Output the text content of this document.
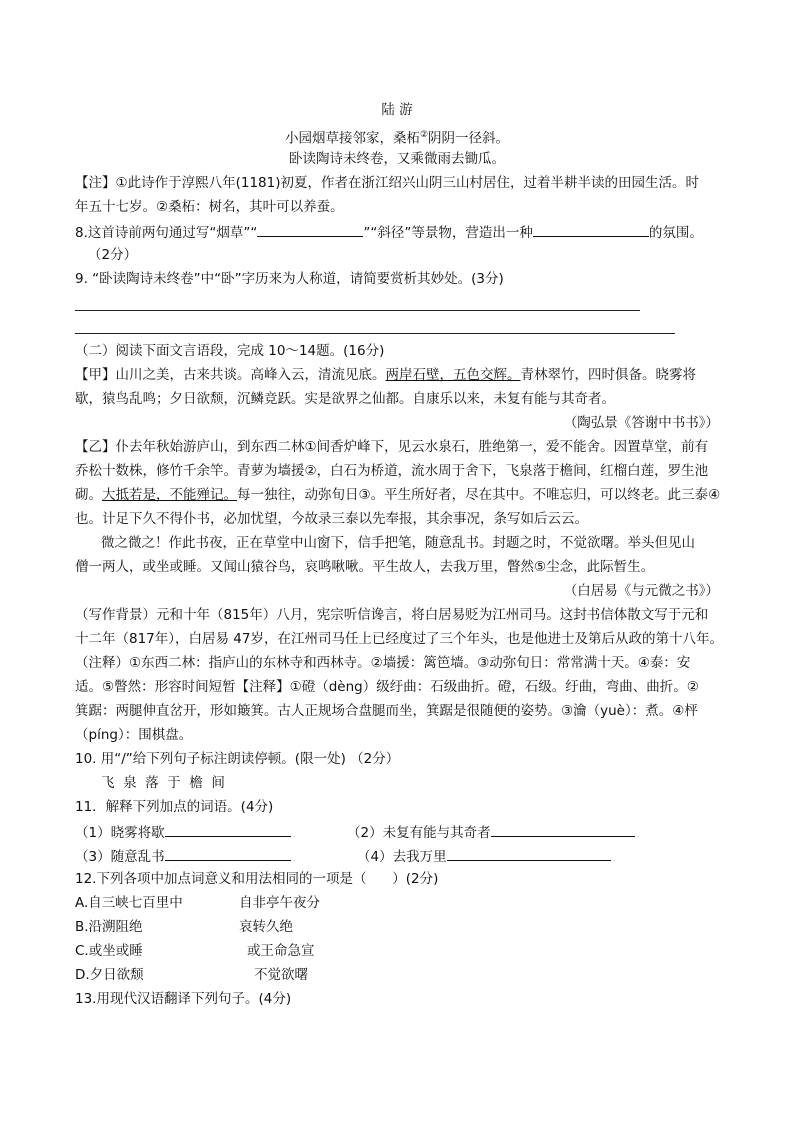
陆 游
小园烟草接邻家，桑柘②阴阴一径斜。
卧读陶诗未终卷，又乘微雨去锄瓜。
【注】①此诗作于淳熙八年(1181)初夏，作者在浙江绍兴山阴三山村居住，过着半耕半读的田园生活。时
年五十七岁。②桑柘：树名，其叶可以养蚕。
8.这首诗前两句通过写“烟草”“	”“斜径”等景物，营造出一种	的氛围。
（2分）
9. “卧读陶诗未终卷”中“卧”字历来为人称道，请简要赏析其妙处。(3分)
（二）阅读下面文言语段，完成 10～14题。(16分)
【甲】山川之美，古来共谈。高峰入云，清流见底。两岸石壁，五色交辉。青林翠竹，四时俱备。晓雾将
歇，猿鸟乱鸣；夕日欲颓，沉鳞竞跃。实是欲界之仙都。自康乐以来，未复有能与其奇者。
（陶弘景《答谢中书书》）
【乙】仆去年秋始游庐山，到东西二林①间香炉峰下，见云水泉石，胜绝第一，爱不能舍。因置草堂，前有
乔松十数株，修竹千余竿。青萝为墙援②，白石为桥道，流水周于舍下，飞泉落于檐间，红榴白莲，罗生池
砌。大抵若是，不能殚记。每一独往，动弥旬日③。平生所好者，尽在其中。不唯忘归，可以终老。此三泰④
也。计足下久不得仆书，必加忧望，今故录三泰以先奉报，其余事况，条写如后云云。
微之微之！作此书夜，正在草堂中山窗下，信手把笔，随意乱书。封题之时，不觉欲曙。举头但见山
僧一两人，或坐或睡。又闻山猿谷鸟，哀鸣啾啾。平生故人，去我万里，瞥然⑤尘念，此际暂生。
（白居易《与元微之书》）
（写作背景）元和十年（815年）八月，宪宗听信谗言，将白居易贬为江州司马。这封书信体散文写于元和
十二年（817年），白居易 47岁，在江州司马任上已经度过了三个年头，也是他进士及第后从政的第十八年。
（注释）①东西二林：指庐山的东林寺和西林寺。②墙援：篱笆墙。③动弥旬日：常常满十天。④泰：安
适。⑤瞥然：形容时间短暂【注释】①磴（dèng）级纡曲：石级曲折。磴，石级。纡曲，弯曲、曲折。②
箕踞：两腿伸直岔开，形如簸箕。古人正规场合盘腿而坐，箕踞是很随便的姿势。③瀹（yuè）：煮。④枰
（píng）：围棋盘。
10. 用“/”给下列句子标注朗读停顿。(限一处) （2分）
飞  泉  落  于  檐  间
11．解释下列加点的词语。(4分)
（1）晓雾将歇	（2）未复有能与其奇者
（3）随意乱书	（4）去我万里
12.下列各项中加点词意义和用法相同的一项是（      ）(2分)
A.自三峡七百里中	自非亭午夜分
B.沿溯阻绝	哀转久绝
C.或坐或睡	或王命急宣
D.夕日欲颓	不觉欲曙
13.用现代汉语翻译下列句子。(4分)
